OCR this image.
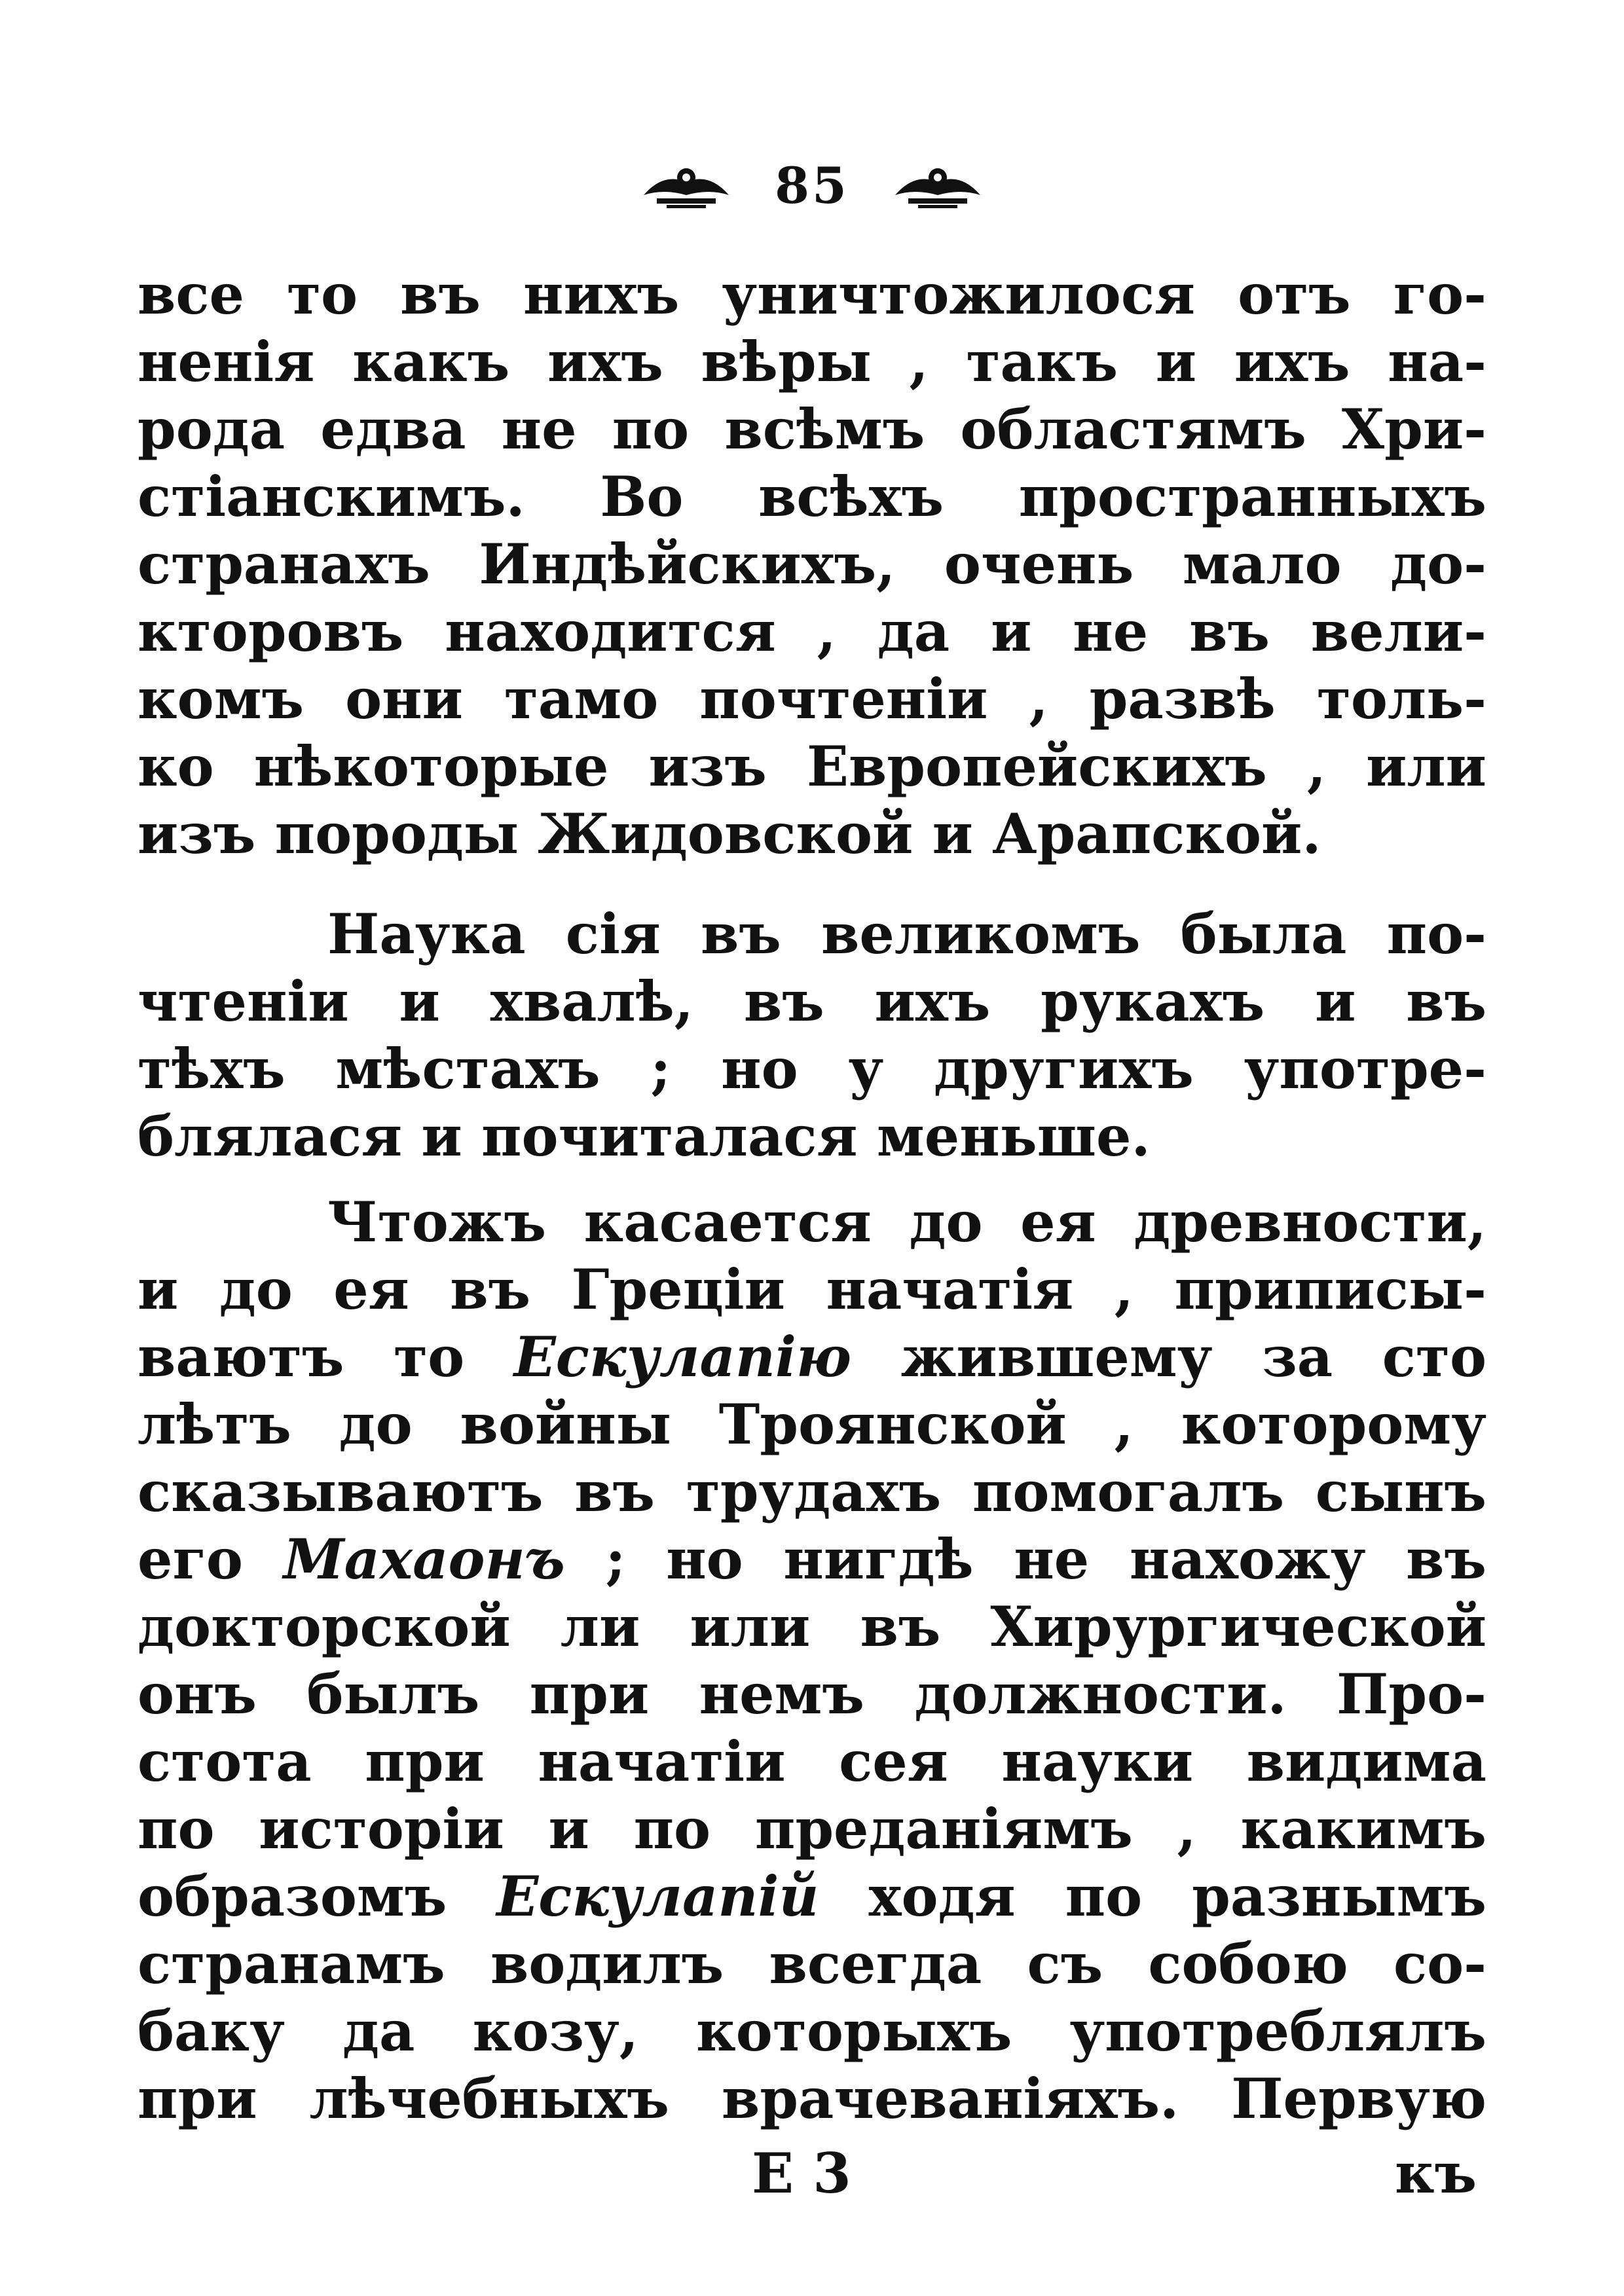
85
все то въ нихъ уничтожилося отъ го-
ненія какъ ихъ вѣры , такъ и ихъ на-
рода едва не по всѣмъ областямъ Хри-
стіанскимъ. Во всѣхъ пространныхъ
странахъ Индѣйскихъ, очень мало до-
кторовъ находится , да и не въ вели-
комъ они тамо почтеніи , развѣ толь-
ко нѣкоторые изъ Европейскихъ , или
изъ породы Жидовской и Арапской.
Наука сія въ великомъ была по-
чтеніи и хвалѣ, въ ихъ рукахъ и въ
тѣхъ мѣстахъ ; но у другихъ употре-
блялася и почиталася меньше.
Чтожъ касается до ея древности,
и до ея въ Греціи начатія , приписы-
ваютъ то Ескулапію жившему за сто
лѣтъ до войны Троянской , которому
сказываютъ въ трудахъ помогалъ сынъ
его Махаонъ ; но нигдѣ не нахожу въ
докторской ли или въ Хирургической
онъ былъ при немъ должности. Про-
стота при начатіи сея науки видима
по исторіи и по преданіямъ , какимъ
образомъ Ескулапій ходя по разнымъ
странамъ водилъ всегда съ собою со-
баку да козу, которыхъ употреблялъ
при лѣчебныхъ врачеваніяхъ. Первую
Е 3	къ
